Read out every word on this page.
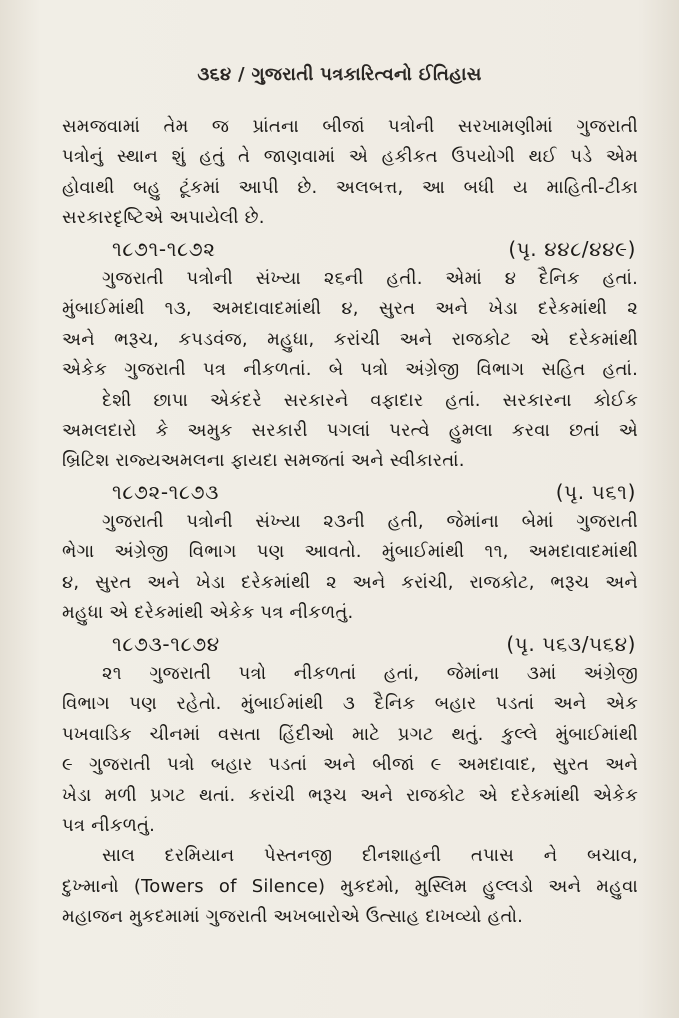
૩૬૪ / ગુજરાતી પત્રકારિત્વનો ઈતિહાસ
સમજવામાં તેમ જ પ્રાંતના બીજાં પત્રોની સરખામણીમાં ગુજરાતી
પત્રોનું સ્થાન શું હતું તે જાણવામાં એ હકીકત ઉપયોગી થઈ પડે એમ
હોવાથી બહુ ટૂંકમાં આપી છે. અલબત્ત, આ બધી ય માહિતી-ટીકા
સરકારદૃષ્ટિએ અપાયેલી છે.
૧૮૭૧-૧૮૭૨	(પૃ. ૪૪૮/૪૪૯)
ગુજરાતી પત્રોની સંખ્યા ૨૬ની હતી. એમાં ૪ દૈનિક હતાં.
મુંબાઈમાંથી ૧૩, અમદાવાદમાંથી ૪, સુરત અને ખેડા દરેકમાંથી ૨
અને ભરૂચ, કપડવંજ, મહુધા, કરાંચી અને રાજકોટ એ દરેકમાંથી
એકેક ગુજરાતી પત્ર નીકળતાં. બે પત્રો અંગ્રેજી વિભાગ સહિત હતાં.
દેશી છાપા એકંદરે સરકારને વફાદાર હતાં. સરકારના કોઈક
અમલદારો કે અમુક સરકારી પગલાં પરત્વે હુમલા કરવા છતાં એ
બ્રિટિશ રાજ્યઅમલના ફાયદા સમજતાં અને સ્વીકારતાં.
૧૮૭૨-૧૮૭૩	(પૃ. ૫૬૧)
ગુજરાતી પત્રોની સંખ્યા ૨૩ની હતી, જેમાંના બેમાં ગુજરાતી
ભેગા અંગ્રેજી વિભાગ પણ આવતો. મુંબાઈમાંથી ૧૧, અમદાવાદમાંથી
૪, સુરત અને ખેડા દરેકમાંથી ૨ અને કરાંચી, રાજકોટ, ભરૂચ અને
મહુધા એ દરેકમાંથી એકેક પત્ર નીકળતું.
૧૮૭૩-૧૮૭૪	(પૃ. ૫૬૩/૫૬૪)
૨૧ ગુજરાતી પત્રો નીકળતાં હતાં, જેમાંના ૩માં અંગ્રેજી
વિભાગ પણ રહેતો. મુંબાઈમાંથી ૩ દૈનિક બહાર પડતાં અને એક
પખવાડિક ચીનમાં વસતા હિંદીઓ માટે પ્રગટ થતું. કુલ્લે મુંબાઈમાંથી
૯ ગુજરાતી પત્રો બહાર પડતાં અને બીજાં ૯ અમદાવાદ, સુરત અને
ખેડા મળી પ્રગટ થતાં. કરાંચી ભરૂચ અને રાજકોટ એ દરેકમાંથી એકેક
પત્ર નીકળતું.
સાલ દરમિયાન પેસ્તનજી દીનશાહની તપાસ ને બચાવ,
દુખ્માનો (Towers of Silence) મુકદમો, મુસ્લિમ હુલ્લડો અને મહુવા
મહાજન મુકદમામાં ગુજરાતી અખબારોએ ઉત્સાહ દાખવ્યો હતો.
